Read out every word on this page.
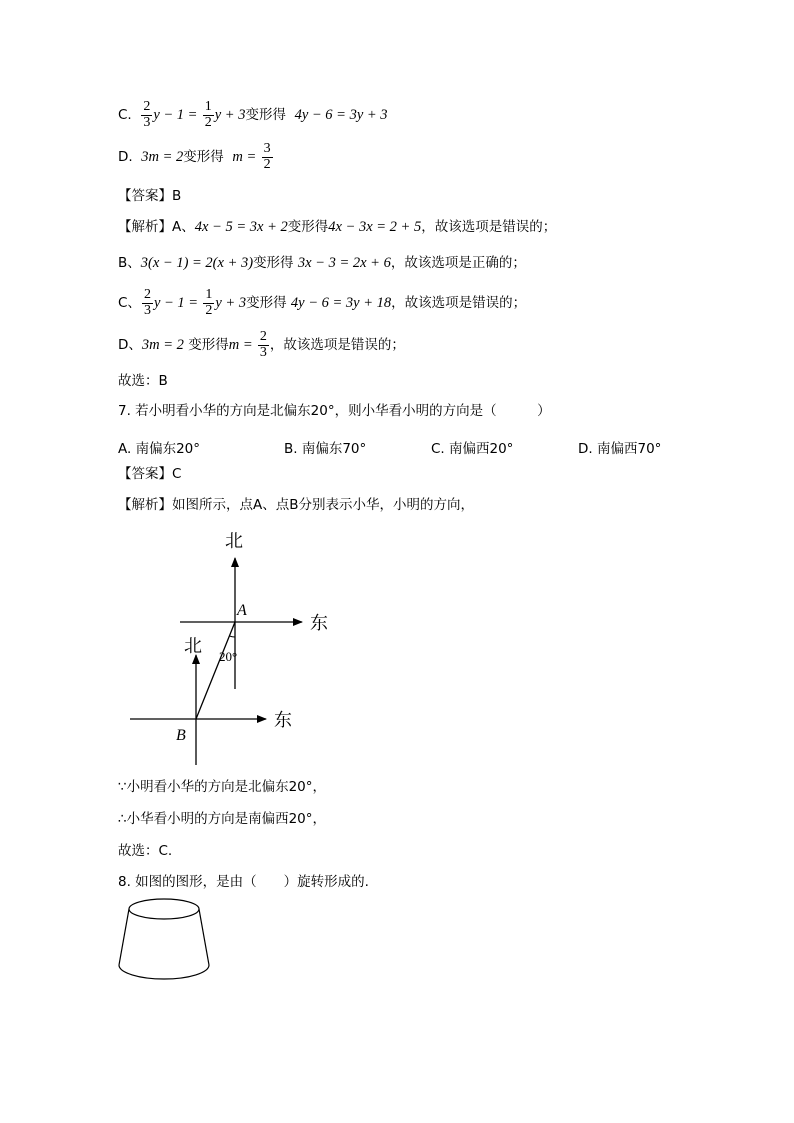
C. $\frac{2}{3}$ $y - 1 = \frac{1}{2}$ y + 3变形得 4y − 6 = 3y + 3
D. 3m = 2变形得 $m = \frac{3}{2}$
【答案】B
【解析】A、4x − 5 = 3x + 2变形得4x − 3x = 2 + 5，故该选项是错误的；
B、3(x − 1) = 2(x + 3)变形得 3x − 3 = 2x + 6，故该选项是正确的；
C、 $\frac{2}{3}$ $y - 1 = \frac{1}{2}$ y + 3变形得 4y − 6 = 3y + 18，故该选项是错误的；
D、3m = 2 变形得$m = \frac{2}{3}$ ，故该选项是错误的；
故选：B
7. 若小明看小华的方向是北偏东20°，则小华看小明的方向是（　　　）
A. 南偏东20°	B. 南偏东70°	C. 南偏西20°	D. 南偏西70°
【答案】C
【解析】如图所示，点A、点B分别表示小华，小明的方向，
北
东
A
北
东
B
20°
∵小明看小华的方向是北偏东20°，
∴小华看小明的方向是南偏西20°，
故选：C.
8. 如图的图形，是由（　　）旋转形成的.
